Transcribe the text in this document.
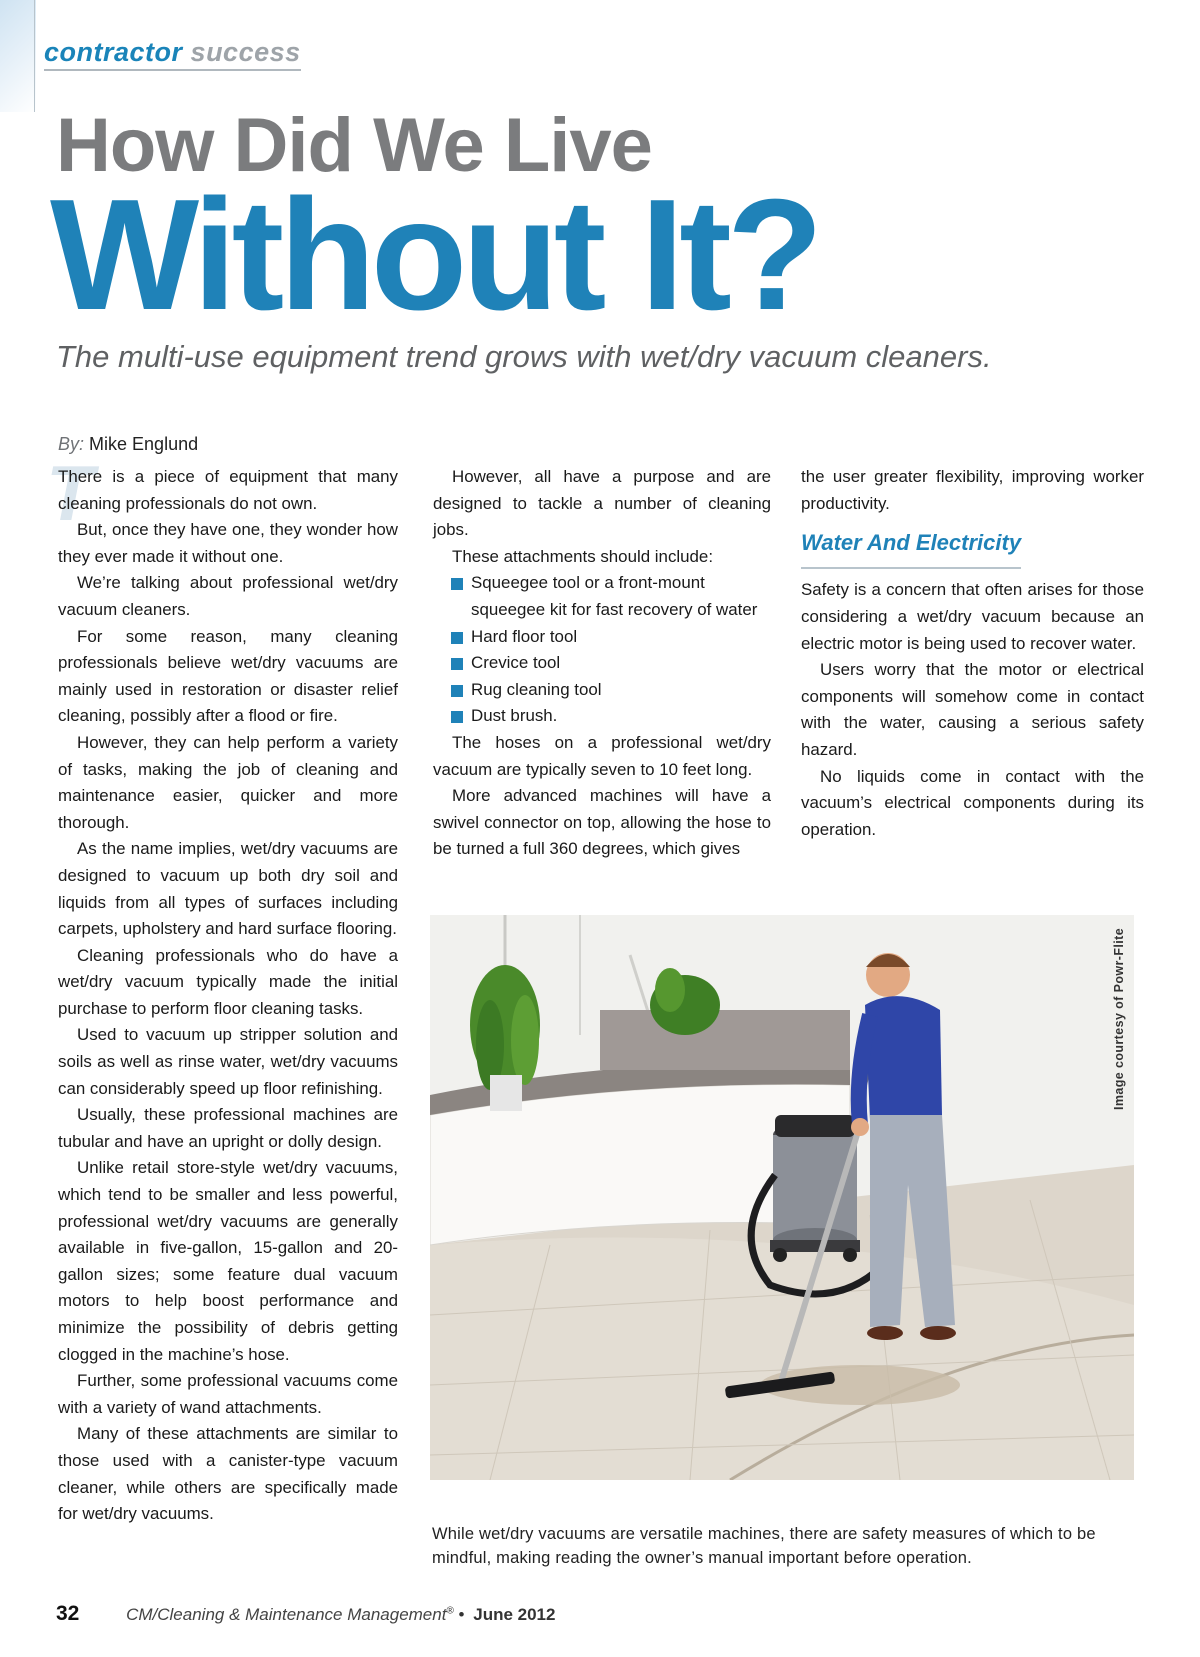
contractor success
How Did We Live
Without It?
The multi-use equipment trend grows with wet/dry vacuum cleaners.
By: Mike Englund
T

There is a piece of equipment that many cleaning professionals do not own.

But, once they have one, they wonder how they ever made it without one.

We’re talking about professional wet/dry vacuum cleaners.

For some reason, many cleaning professionals believe wet/dry vacuums are mainly used in restoration or disaster relief cleaning, possibly after a flood or fire.

However, they can help perform a variety of tasks, making the job of cleaning and maintenance easier, quicker and more thorough.

As the name implies, wet/dry vacuums are designed to vacuum up both dry soil and liquids from all types of surfaces including carpets, upholstery and hard surface flooring.

Cleaning professionals who do have a wet/dry vacuum typically made the initial purchase to perform floor cleaning tasks.

Used to vacuum up stripper solution and soils as well as rinse water, wet/dry vacuums can considerably speed up floor refinishing.

Usually, these professional machines are tubular and have an upright or dolly design.

Unlike retail store-style wet/dry vacuums, which tend to be smaller and less powerful, professional wet/dry vacuums are generally available in five-gallon, 15-gallon and 20-gallon sizes; some feature dual vacuum motors to help boost performance and minimize the possibility of debris getting clogged in the machine’s hose.

Further, some professional vacuums come with a variety of wand attachments.

Many of these attachments are similar to those used with a canister-type vacuum cleaner, while others are specifically made for wet/dry vacuums.

However, all have a purpose and are designed to tackle a number of cleaning jobs.

These attachments should include:

Squeegee tool or a front-mount squeegee kit for fast recovery of water
Hard floor tool
Crevice tool
Rug cleaning tool
Dust brush.

The hoses on a professional wet/dry vacuum are typically seven to 10 feet long.

More advanced machines will have a swivel connector on top, allowing the hose to be turned a full 360 degrees, which gives

the user greater flexibility, improving worker productivity.

Water And Electricity

Safety is a concern that often arises for those considering a wet/dry vacuum because an electric motor is being used to recover water.

Users worry that the motor or electrical components will somehow come in contact with the water, causing a serious safety hazard.

No liquids come in contact with the vacuum’s electrical components during its operation.

Image courtesy of Powr-Flite
While wet/dry vacuums are versatile machines, there are safety measures of which to be mindful, making reading the owner’s manual important before operation.
32	CM/Cleaning & Maintenance Management® • June 2012
